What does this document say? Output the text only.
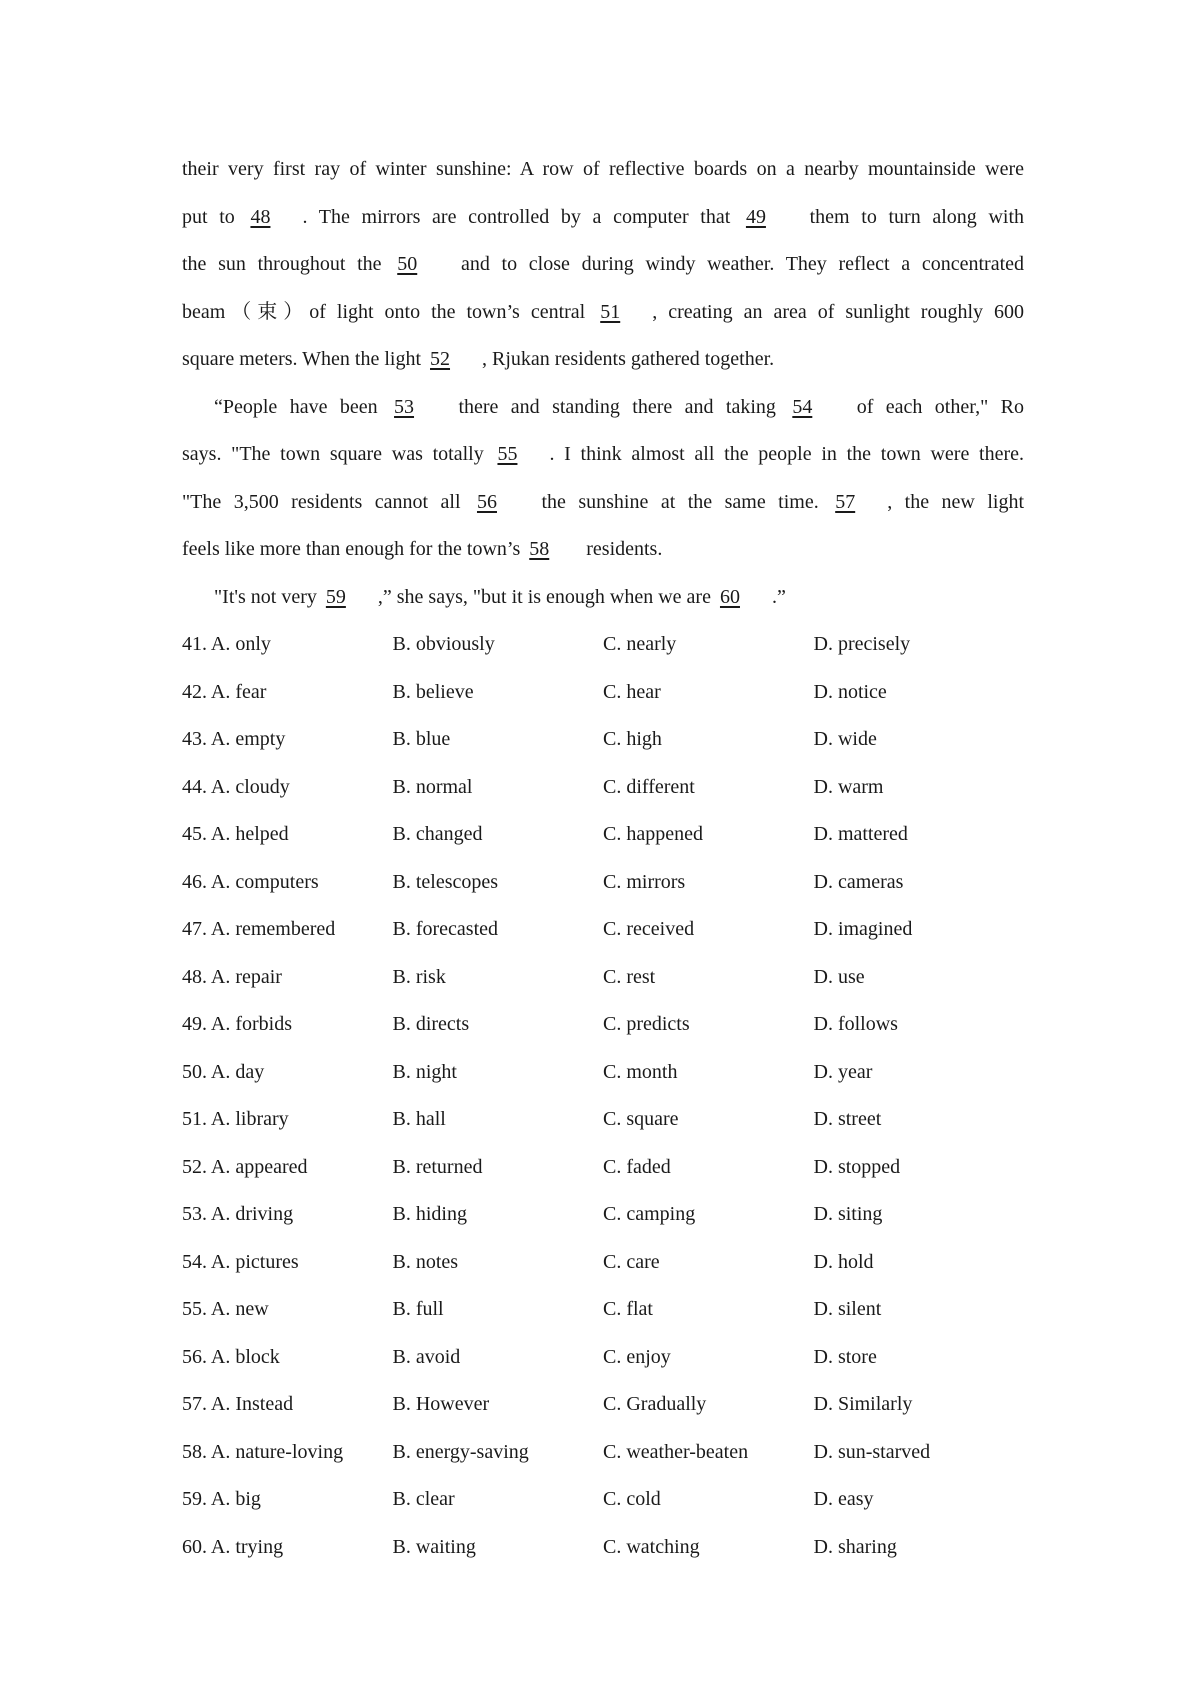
their very first ray of winter sunshine: A row of reflective boards on a nearby mountainside were
put to 48 . The mirrors are controlled by a computer that 49 them to turn along with
the sun throughout the 50 and to close during windy weather. They reflect a concentrated
beam（束）of light onto the town’s central 51 , creating an area of sunlight roughly 600
square meters. When the light 52 , Rjukan residents gathered together.
“People have been 53 there and standing there and taking 54 of each other," Ro
says. "The town square was totally 55 . I think almost all the people in the town were there.
"The 3,500 residents cannot all 56 the sunshine at the same time. 57 , the new light
feels like more than enough for the town’s 58 residents.
"It's not very 59 ,” she says, "but it is enough when we are 60 .”
41. A. only	B. obviously	C. nearly	D. precisely
42. A. fear	B. believe	C. hear	D. notice
43. A. empty	B. blue	C. high	D. wide
44. A. cloudy	B. normal	C. different	D. warm
45. A. helped	B. changed	C. happened	D. mattered
46. A. computers	B. telescopes	C. mirrors	D. cameras
47. A. remembered	B. forecasted	C. received	D. imagined
48. A. repair	B. risk	C. rest	D. use
49. A. forbids	B. directs	C. predicts	D. follows
50. A. day	B. night	C. month	D. year
51. A. library	B. hall	C. square	D. street
52. A. appeared	B. returned	C. faded	D. stopped
53. A. driving	B. hiding	C. camping	D. siting
54. A. pictures	B. notes	C. care	D. hold
55. A. new	B. full	C. flat	D. silent
56. A. block	B. avoid	C. enjoy	D. store
57. A. Instead	B. However	C. Gradually	D. Similarly
58. A. nature-loving	B. energy-saving	C. weather-beaten	D. sun-starved
59. A. big	B. clear	C. cold	D. easy
60. A. trying	B. waiting	C. watching	D. sharing
